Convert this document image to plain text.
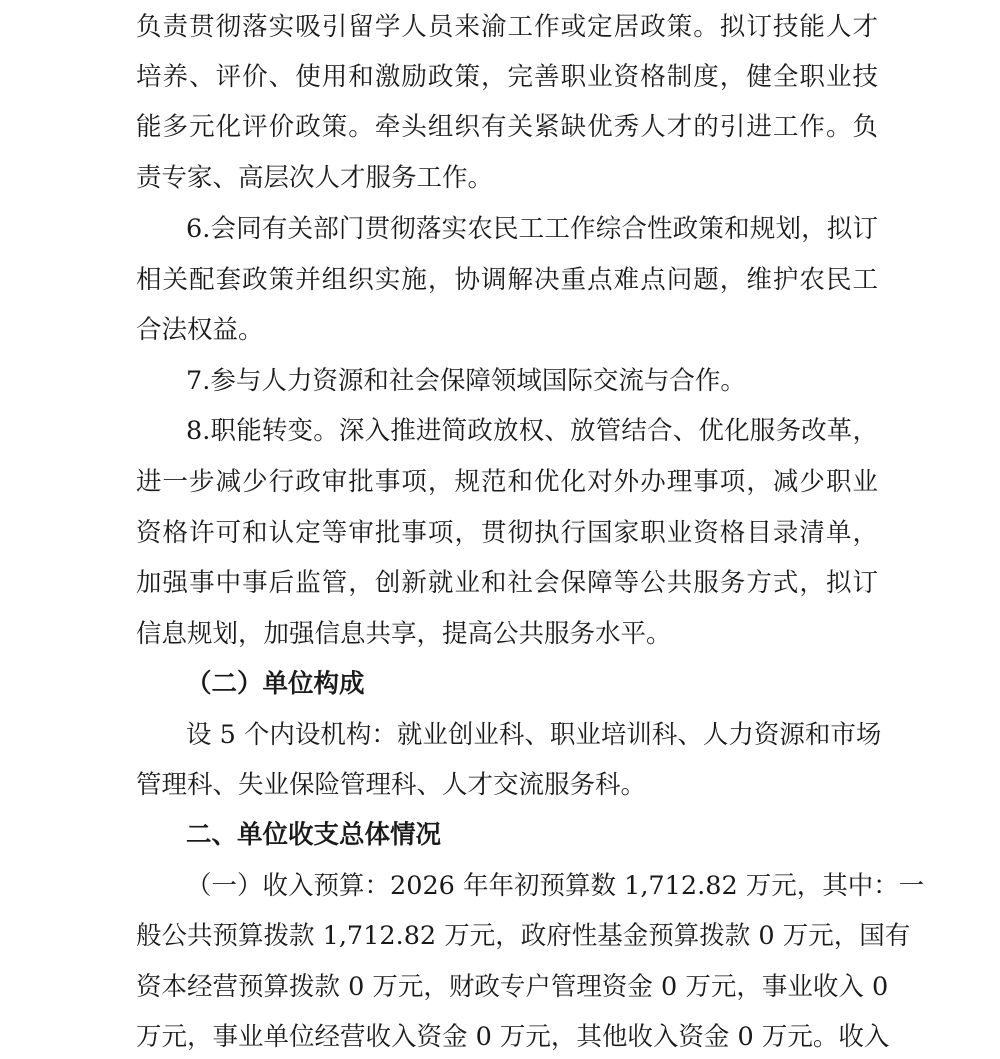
负责贯彻落实吸引留学人员来渝工作或定居政策。拟订技能人才
培养、评价、使用和激励政策，完善职业资格制度，健全职业技
能多元化评价政策。牵头组织有关紧缺优秀人才的引进工作。负
责专家、高层次人才服务工作。
6.会同有关部门贯彻落实农民工工作综合性政策和规划，拟订
相关配套政策并组织实施，协调解决重点难点问题，维护农民工
合法权益。
7.参与人力资源和社会保障领域国际交流与合作。
8.职能转变。深入推进简政放权、放管结合、优化服务改革，
进一步减少行政审批事项，规范和优化对外办理事项，减少职业
资格许可和认定等审批事项，贯彻执行国家职业资格目录清单，
加强事中事后监管，创新就业和社会保障等公共服务方式，拟订
信息规划，加强信息共享，提高公共服务水平。
（二）单位构成
设 5 个内设机构：就业创业科、职业培训科、人力资源和市场
管理科、失业保险管理科、人才交流服务科。
二、单位收支总体情况
（一）收入预算：2026 年年初预算数 1,712.82 万元，其中：一
般公共预算拨款 1,712.82 万元，政府性基金预算拨款 0 万元，国有
资本经营预算拨款 0 万元，财政专户管理资金 0 万元，事业收入 0
万元，事业单位经营收入资金 0 万元，其他收入资金 0 万元。收入
